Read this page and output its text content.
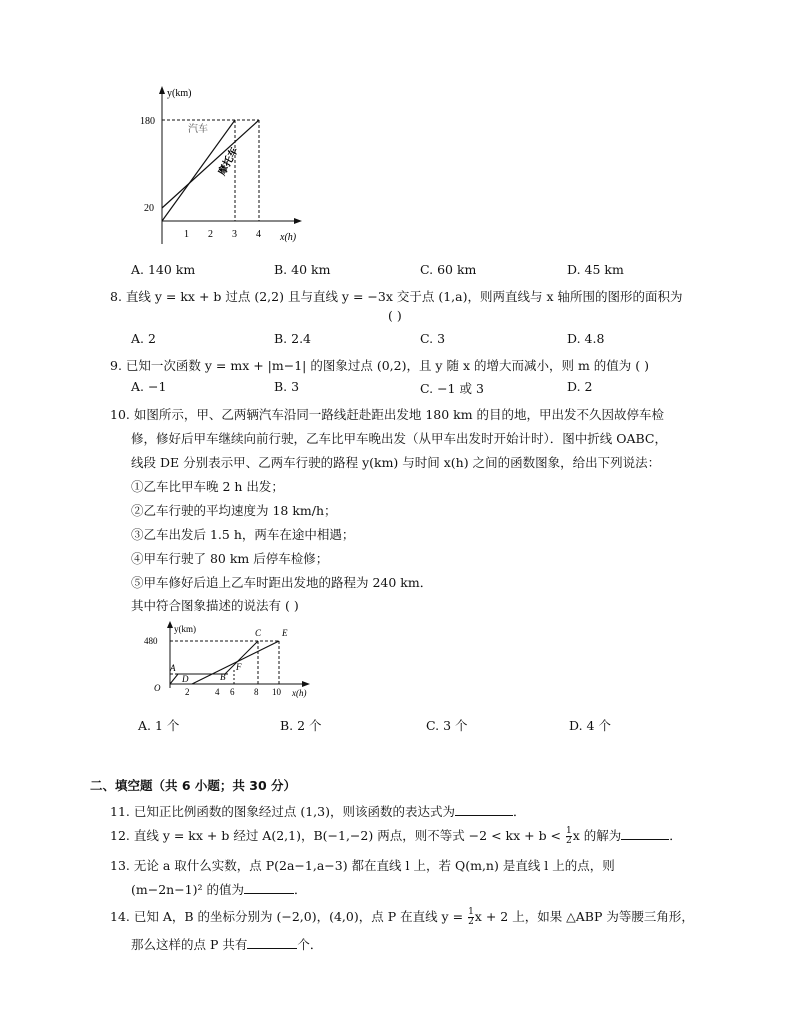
y(km)
x(h)
180
20
1 2 3 4
汽车
摩托车
A. 140 km	B. 40 km	C. 60 km	D. 45 km
8. 直线 y = kx + b 过点 (2,2) 且与直线 y = −3x 交于点 (1,a)，则两直线与 x 轴所围的图形的面积为
( )
A. 2	B. 2.4	C. 3	D. 4.8
9. 已知一次函数 y = mx + |m−1| 的图象过点 (0,2)，且 y 随 x 的增大而减小，则 m 的值为 ( )
A. −1	B. 3	C. −1 或 3	D. 2
10. 如图所示，甲、乙两辆汽车沿同一路线赶赴距出发地 180 km 的目的地，甲出发不久因故停车检
修，修好后甲车继续向前行驶，乙车比甲车晚出发（从甲车出发时开始计时）．图中折线 OABC，
线段 DE 分别表示甲、乙两车行驶的路程 y(km) 与时间 x(h) 之间的函数图象，给出下列说法：
①乙车比甲车晚 2 h 出发；
②乙车行驶的平均速度为 18 km/h；
③乙车出发后 1.5 h，两车在途中相遇；
④甲车行驶了 80 km 后停车检修；
⑤甲车修好后追上乙车时距出发地的路程为 240 km．
其中符合图象描述的说法有 ( )
y(km)
x(h)
480
2	4 6 8 10
O
A
D	B
F
C E
A. 1 个	B. 2 个	C. 3 个	D. 4 个
二、填空题（共 6 小题；共 30 分）
11. 已知正比例函数的图象经过点 (1,3)，则该函数的表达式为	．
12. 直线 y = kx + b 经过 A(2,1)，B(−1,−2) 两点，则不等式 −2 < kx + $b < \frac{1}{2}$ x 的解为	．
13. 无论 a 取什么实数，点 P(2a−1,a−3) 都在直线 l 上，若 Q(m,n) 是直线 l 上的点，则
(m−2n−1)² 的值为	．
14. 已知 A，B 的坐标分别为 (−2,0)，(4,0)，点 P 在直线 $y = \frac{1}{2}$ x + 2 上，如果 △ABP 为等腰三角形，
那么这样的点 P 共有	个．
